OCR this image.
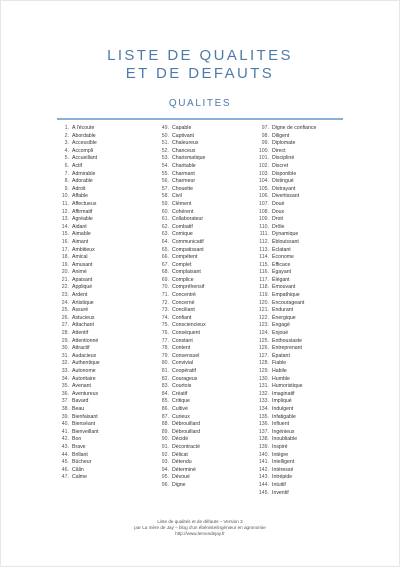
LISTE DE QUALITES
ET DE DEFAUTS
QUALITES
1. A l'écoute
2. Abordable
3. Accessible
4. Accompli
5. Accueillant
6. Actif
7. Admirable
8. Adorable
9. Adroit
10. Affable
11. Affectueux
12. Affirmatif
13. Agréable
14. Aidant
15. Aimable
16. Aimant
17. Ambitieux
18. Amical
19. Amusant
20. Animé
21. Apaisant
22. Appliqué
23. Ardent
24. Artistique
25. Assuré
26. Astucieux
27. Attachant
28. Attentif
29. Attentionné
30. Attractif
31. Audacieux
32. Authentique
33. Autonome
34. Autoritaire
35. Avenant
36. Aventureux
37. Bavard
38. Beau
39. Bienfaisant
40. Bienséant
41. Bienveillant
42. Bon
43. Brave
44. Brillant
45. Bûcheur
46. Câlin
47. Calme
49. Capable
50. Captivant
51. Chaleureux
52. Chanceux
53. Charismatique
54. Charitable
55. Charmant
56. Charmeur
57. Chouette
58. Civil
59. Clément
60. Cohérent
61. Collaborateur
62. Combatif
63. Comique
64. Communicatif
65. Compatissant
66. Compétent
67. Complet
68. Complaisant
69. Complice
70. Compréhensif
71. Concentré
72. Concerné
73. Conciliant
74. Confiant
75. Consciencieux
76. Conséquent
77. Constant
78. Content
79. Consensuel
80. Convivial
81. Coopératif
82. Courageux
83. Courtois
84. Créatif
85. Critique
86. Cultivé
87. Curieux
88. Débrouillard
89. Débrouillard
90. Décidé
91. Décontracté
92. Délicat
93. Détendu
94. Déterminé
95. Dévoué
96. Digne
97. Digne de confiance
98. Diligent
99. Diplomate
100. Direct
101. Discipliné
102. Discret
103. Disponible
104. Distingué
105. Distrayant
106. Divertissant
107. Doué
108. Doux
109. Droit
110. Drôle
111. Dynamique
112. Éblouissant
113. Éclatant
114. Économe
115. Efficace
116. Égayant
117. Élégant
118. Émouvant
119. Empathique
120. Encourageant
121. Endurant
122. Énergique
123. Engagé
124. Enjoué
125. Enthousiaste
126. Entreprenant
127. Épatant
128. Fiable
129. Habile
130. Humble
131. Humoristique
132. Imaginatif
133. Impliqué
134. Indulgent
135. Infatigable
136. Influent
137. Ingénieux
138. Inoubliable
139. Inspiré
140. Intègre
141. Intelligent
142. Intéressé
143. Intrépide
144. Intuitif
145. Inventif
Liste de qualités et de défauts – Version 3
par La mère de Jay – blog d'un ébéniste/ingénieur en agronomie
http://www.lemondejay.fr
